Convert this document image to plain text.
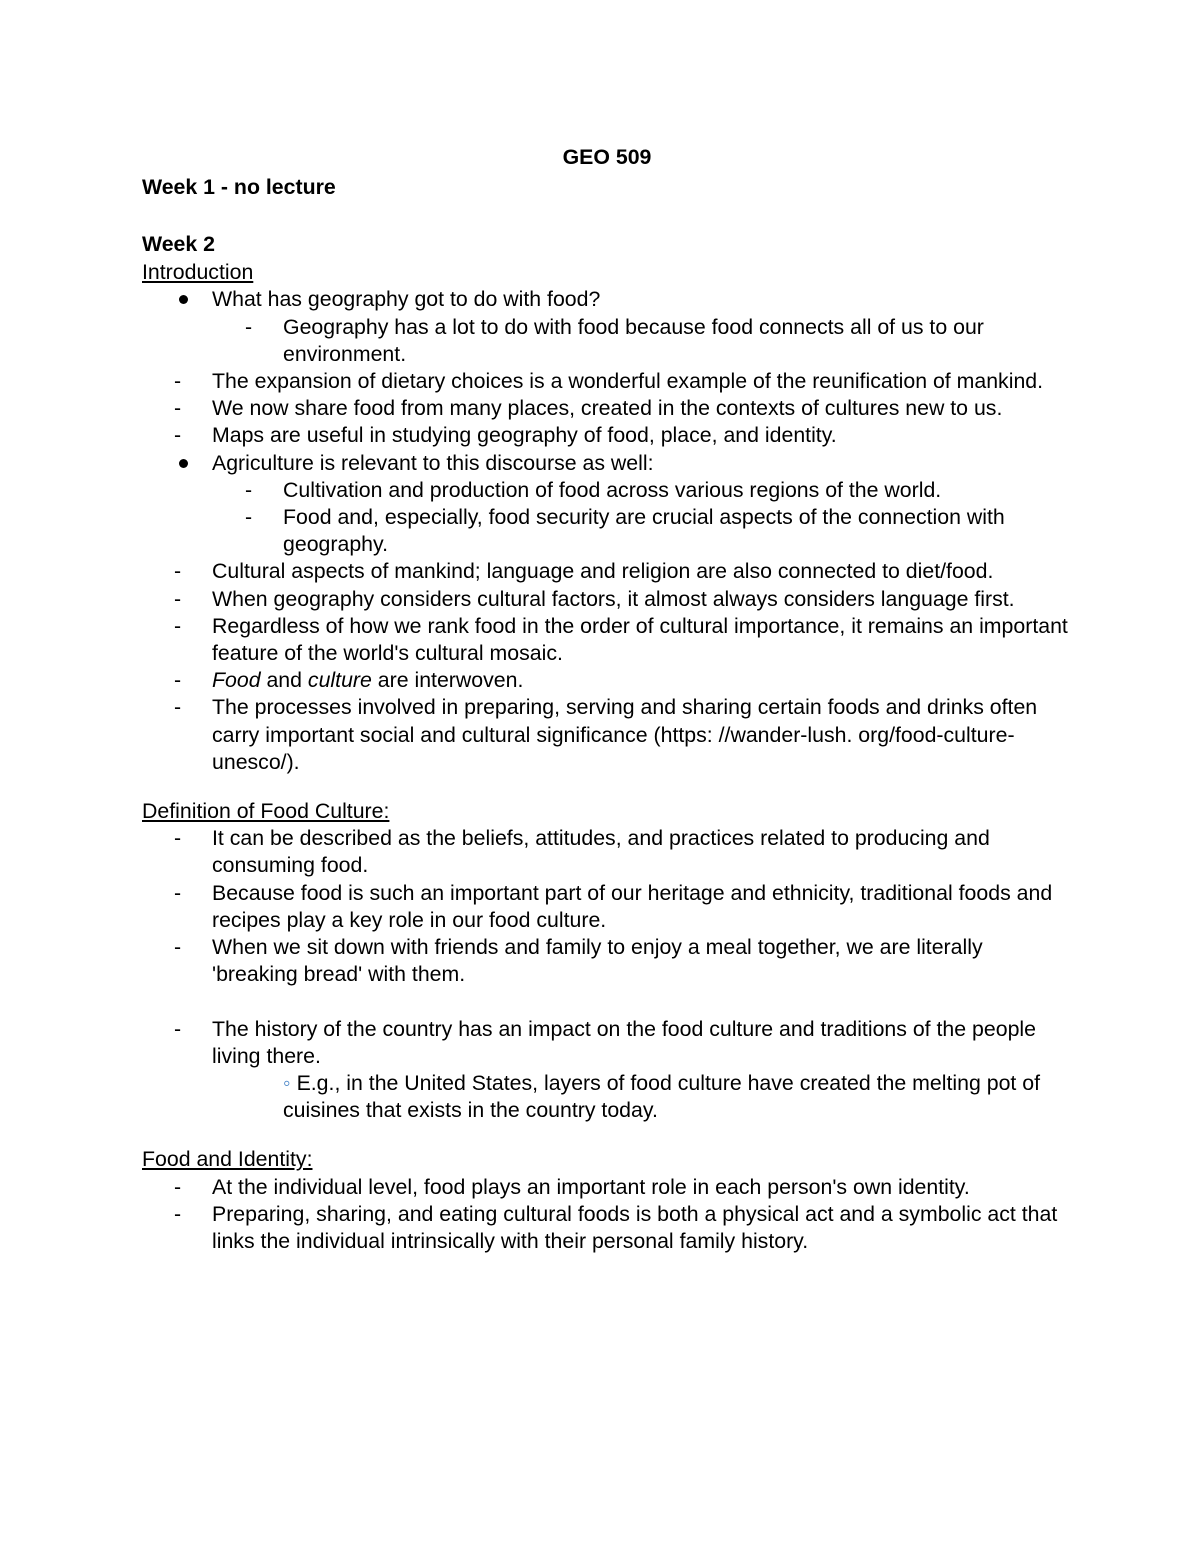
GEO 509

Week 1 - no lecture

Week 2

Introduction

What has geography got to do with food?

- Geography has a lot to do with food because food connects all of us to our environment.

- The expansion of dietary choices is a wonderful example of the reunification of mankind.

- We now share food from many places, created in the contexts of cultures new to us.

- Maps are useful in studying geography of food, place, and identity.

Agriculture is relevant to this discourse as well:

- Cultivation and production of food across various regions of the world.

- Food and, especially, food security are crucial aspects of the connection with geography.

- Cultural aspects of mankind; language and religion are also connected to diet/food.

- When geography considers cultural factors, it almost always considers language first.

- Regardless of how we rank food in the order of cultural importance, it remains an important feature of the world's cultural mosaic.

- Food and culture are interwoven.

- The processes involved in preparing, serving and sharing certain foods and drinks often carry important social and cultural significance (https: //wander-lush. org/food-culture-unesco/).

Definition of Food Culture:

- It can be described as the beliefs, attitudes, and practices related to producing and consuming food.

- Because food is such an important part of our heritage and ethnicity, traditional foods and recipes play a key role in our food culture.

- When we sit down with friends and family to enjoy a meal together, we are literally 'breaking bread' with them.

- The history of the country has an impact on the food culture and traditions of the people living there.

◦ E.g., in the United States, layers of food culture have created the melting pot of cuisines that exists in the country today.

Food and Identity:

- At the individual level, food plays an important role in each person's own identity.

- Preparing, sharing, and eating cultural foods is both a physical act and a symbolic act that links the individual intrinsically with their personal family history.
